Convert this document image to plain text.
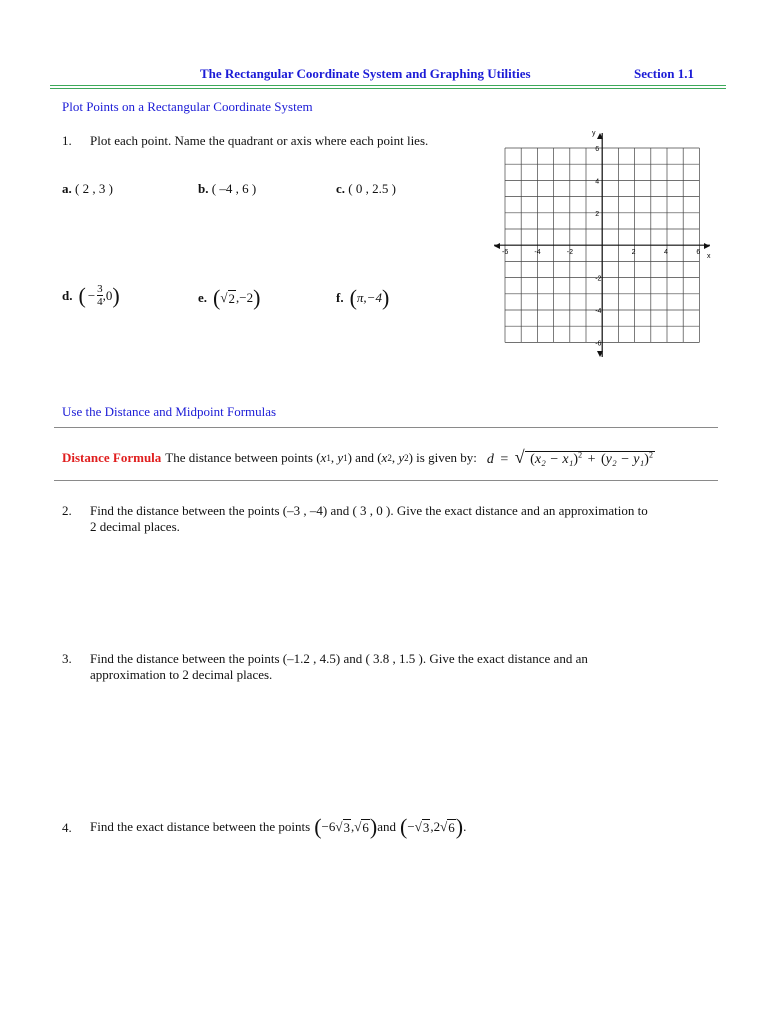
The Rectangular Coordinate System and Graphing Utilities	Section 1.1
Plot Points on a Rectangular Coordinate System
1. Plot each point. Name the quadrant or axis where each point lies.
a. ( 2 , 3 )	b. ( –4 , 6 )	c. ( 0 , 2.5 )
d. ( − $\frac{3}{4} ,0$ )	e. ( √ 2 ,−2 )	f. ( π,−4 )
-6	-4	-2	2	4	6
6
4
2
-2
-4
-6
x
y
Use the Distance and Midpoint Formulas
Distance Formula The distance between points ( x 1 , y 1 ) and ( x 2 , y 2 ) is given by: d = √ $(x_2 - x_1)^2 + (y_2 - y_1)^2$
2. Find the distance between the points (–3 , –4) and ( 3 , 0 ). Give the exact distance and an approximation to
2 decimal places.
3. Find the distance between the points (–1.2 , 4.5) and ( 3.8 , 1.5 ). Give the exact distance and an
approximation to 2 decimal places.
4. Find the exact distance between the points ( −6 √ 3 , √ 6 ) and ( − √ 3 , 2 √ 6 ) .
